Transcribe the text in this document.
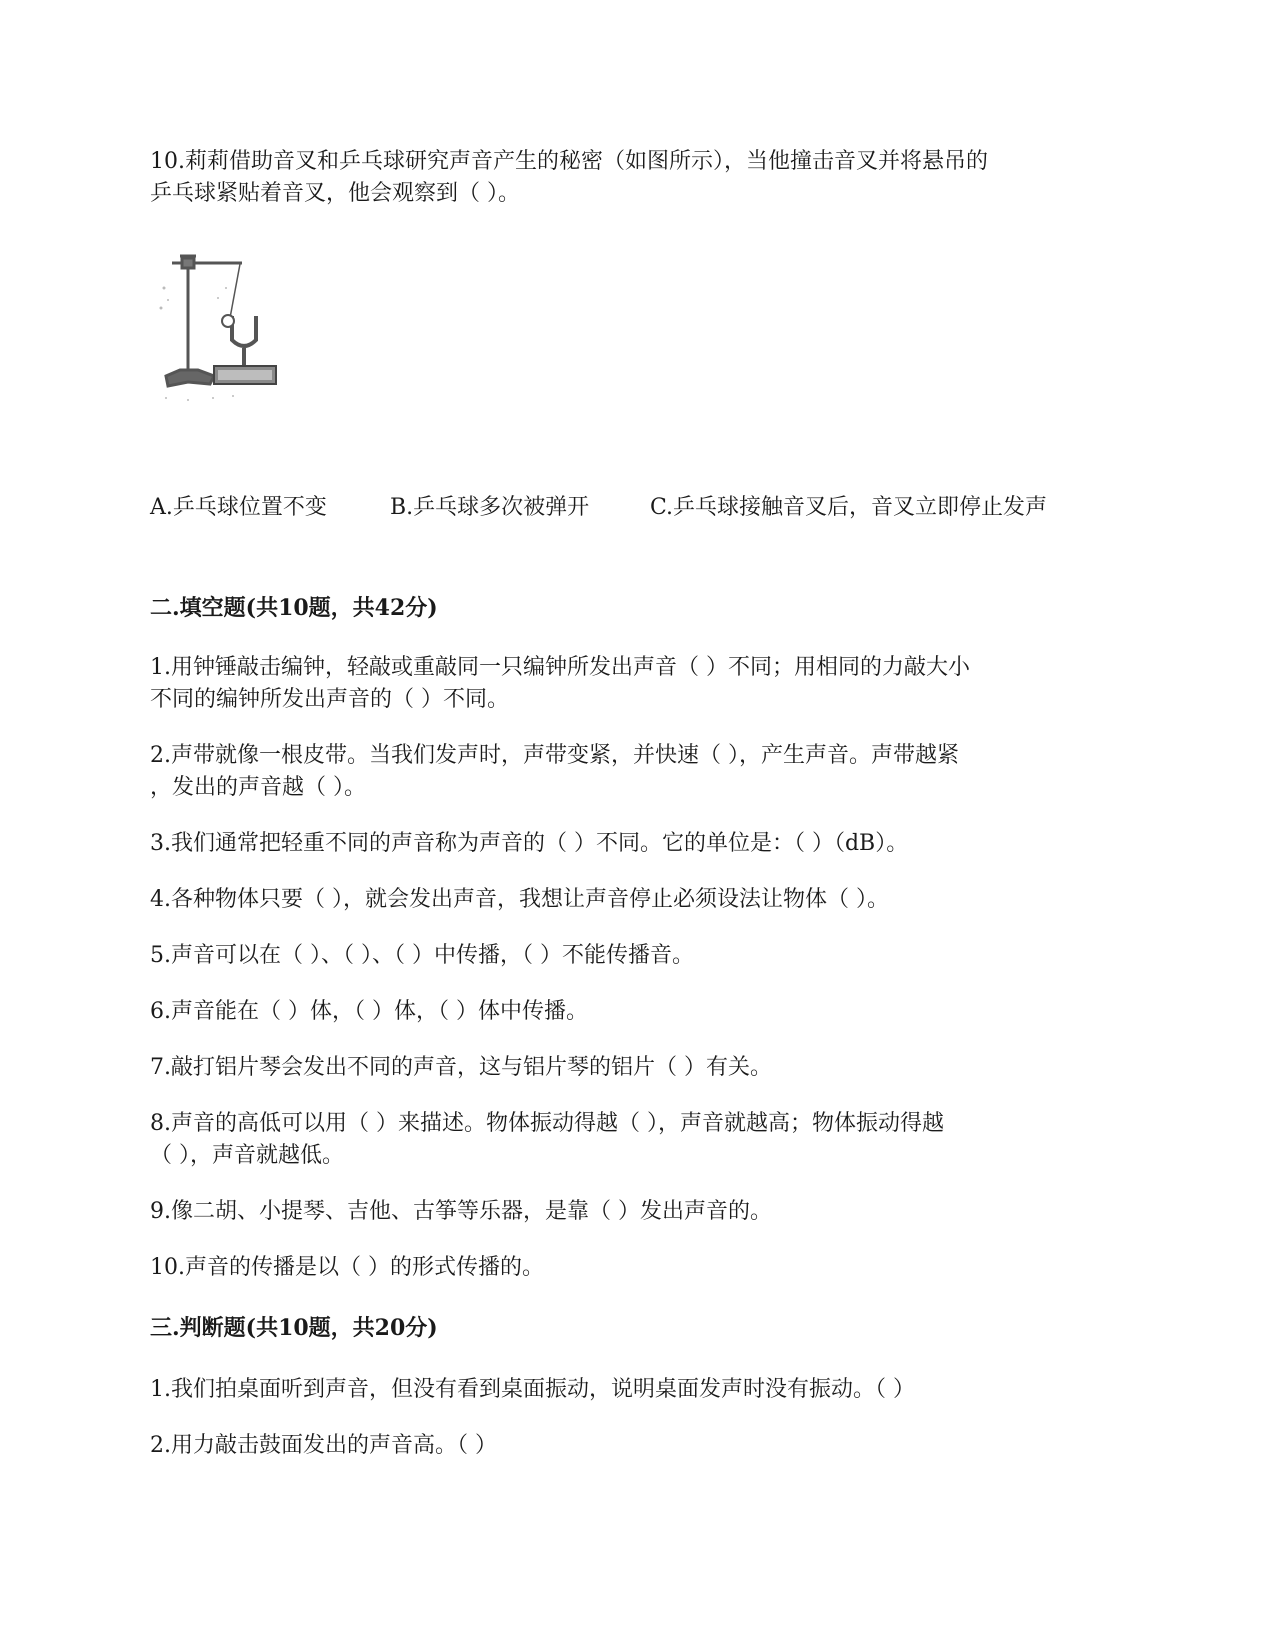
10.莉莉借助音叉和乒乓球研究声音产生的秘密（如图所示），当他撞击音叉并将悬吊的
乒乓球紧贴着音叉，他会观察到（ ）。
A.乒乓球位置不变	B.乒乓球多次被弹开	C.乒乓球接触音叉后，音叉立即停止发声
二.填空题(共10题，共42分)
1.用钟锤敲击编钟，轻敲或重敲同一只编钟所发出声音（ ）不同；用相同的力敲大小
不同的编钟所发出声音的（ ）不同。
2.声带就像一根皮带。当我们发声时，声带变紧，并快速（ ），产生声音。声带越紧
，发出的声音越（ ）。
3.我们通常把轻重不同的声音称为声音的（ ）不同。它的单位是：（ ）（dB）。
4.各种物体只要（ ），就会发出声音，我想让声音停止必须设法让物体（ ）。
5.声音可以在（ ）、（ ）、（ ）中传播，（ ）不能传播音。
6.声音能在（ ）体，（ ）体，（ ）体中传播。
7.敲打铝片琴会发出不同的声音，这与铝片琴的铝片（ ）有关。
8.声音的高低可以用（ ）来描述。物体振动得越（ ），声音就越高；物体振动得越
（ ），声音就越低。
9.像二胡、小提琴、吉他、古筝等乐器，是靠（ ）发出声音的。
10.声音的传播是以（ ）的形式传播的。
三.判断题(共10题，共20分)
1.我们拍桌面听到声音，但没有看到桌面振动，说明桌面发声时没有振动。（ ）
2.用力敲击鼓面发出的声音高。（ ）
